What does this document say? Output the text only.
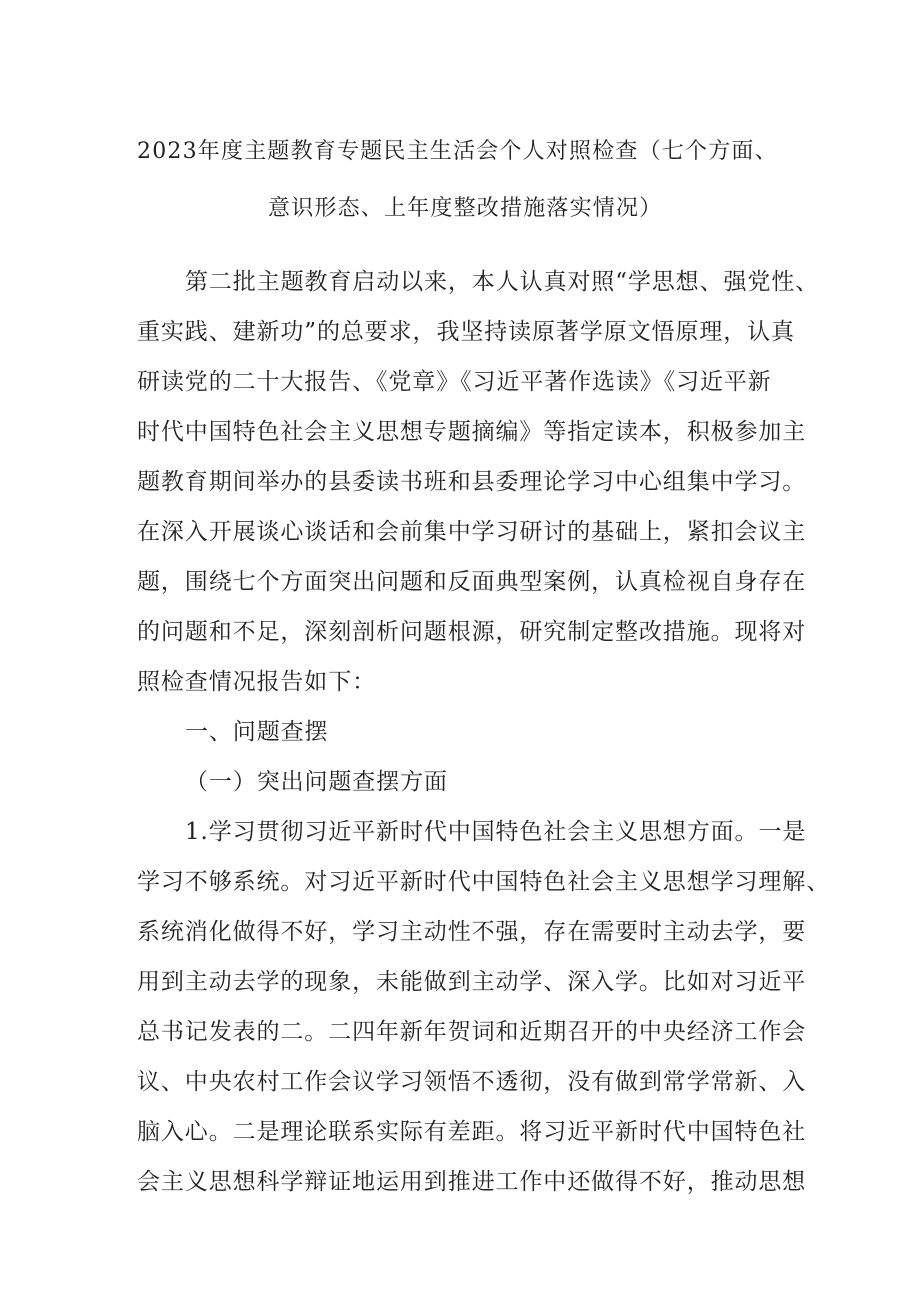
2023年度主题教育专题民主生活会个人对照检查（七个方面、
意识形态、上年度整改措施落实情况）
第二批主题教育启动以来，本人认真对照“学思想、强党性、
重实践、建新功”的总要求，我坚持读原著学原文悟原理，认真
研读党的二十大报告、《党章》《习近平著作选读》《习近平新
时代中国特色社会主义思想专题摘编》等指定读本，积极参加主
题教育期间举办的县委读书班和县委理论学习中心组集中学习。
在深入开展谈心谈话和会前集中学习研讨的基础上，紧扣会议主
题，围绕七个方面突出问题和反面典型案例，认真检视自身存在
的问题和不足，深刻剖析问题根源，研究制定整改措施。现将对
照检查情况报告如下：
一、问题查摆
（一）突出问题查摆方面
1.学习贯彻习近平新时代中国特色社会主义思想方面。一是
学习不够系统。对习近平新时代中国特色社会主义思想学习理解、
系统消化做得不好，学习主动性不强，存在需要时主动去学，要
用到主动去学的现象，未能做到主动学、深入学。比如对习近平
总书记发表的二。二四年新年贺词和近期召开的中央经济工作会
议、中央农村工作会议学习领悟不透彻，没有做到常学常新、入
脑入心。二是理论联系实际有差距。将习近平新时代中国特色社
会主义思想科学辩证地运用到推进工作中还做得不好，推动思想
